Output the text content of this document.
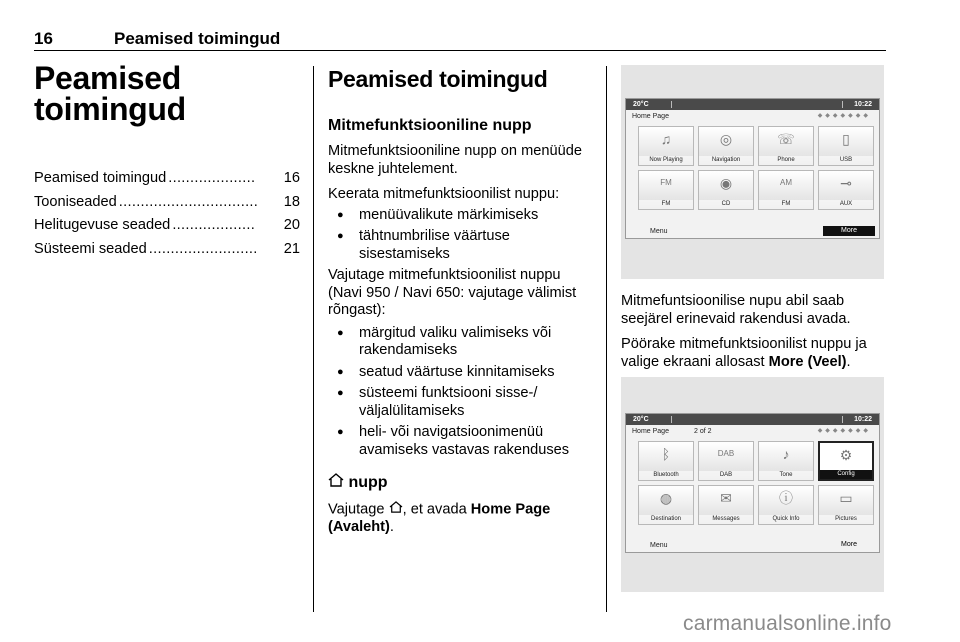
16	Peamised toimingud
Peamised
toimingud
Peamised toimingud ....................	16
Tooniseaded ................................	18
Helitugevuse seaded ...................	20
Süsteemi seaded .........................	21
Peamised toimingud
Mitmefunktsiooniline nupp
Mitmefunktsiooniline nupp on menüüde keskne juhtelement.
Keerata mitmefunktsioonilist nuppu:
● menüüvalikute märkimiseks
● tähtnumbrilise väärtuse sisestamiseks
Vajutage mitmefunktsioonilist nuppu (Navi 950 / Navi 650: vajutage välimist rõngast):
● märgitud valiku valimiseks või rakendamiseks
● seatud väärtuse kinnitamiseks
● süsteemi funktsiooni sisse-/ väljalülitamiseks
● heli- või navigatsioonimenüü avamiseks vastavas rakenduses
nupp
Vajutage , et avada Home Page (Avaleht).
20°C	10:22
Home Page	◆◆◆◆◆◆◆
♫
Now Playing
◎
Navigation
☏
Phone
▯
USB
FM
FM
◉
CD
AM
FM
⊸
AUX
Menu	More
Mitmefuntsioonilise nupu abil saab seejärel erinevaid rakendusi avada.
Pöörake mitmefunktsioonilist nuppu ja valige ekraani allosast More (Veel).
20°C	10:22
Home Page	2 of 2	◆◆◆◆◆◆◆
ᛒ
Bluetooth
DAB
DAB
♪
Tone
⚙
Config
◍
Destination
✉
Messages
ⓘ
Quick Info
▭
Pictures
Menu	More
carmanualsonline.info
